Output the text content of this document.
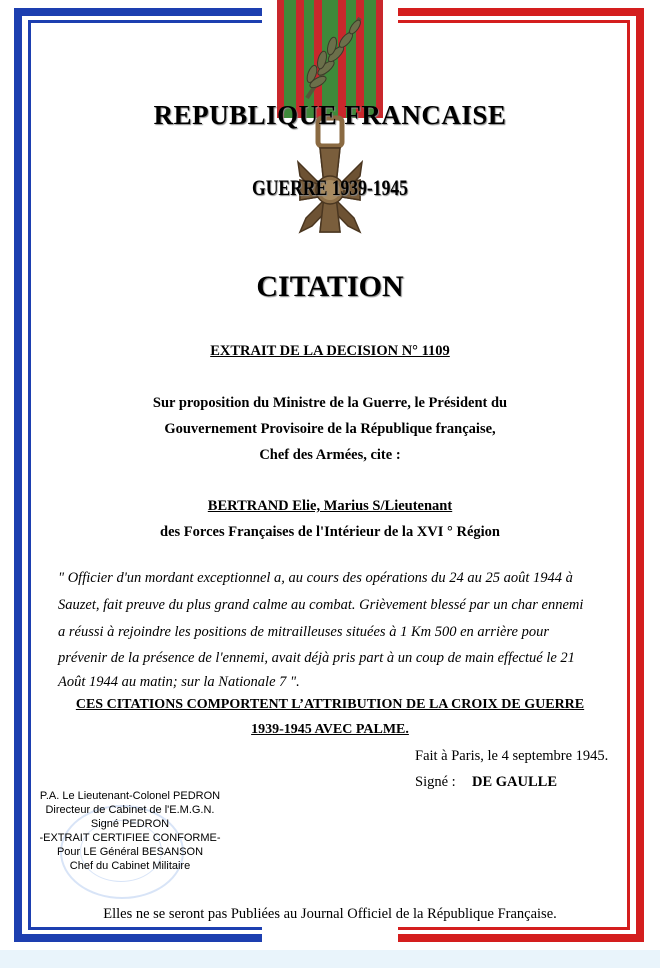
REPUBLIQUE FRANCAISE
GUERRE 1939-1945
CITATION
EXTRAIT DE LA DECISION N° 1109
Sur proposition du Ministre de la Guerre, le Président du
Gouvernement Provisoire de la République française,
Chef des Armées, cite :
BERTRAND Elie, Marius S/Lieutenant
des Forces Françaises de l'Intérieur de la XVI ° Région
" Officier d'un mordant exceptionnel a, au cours des opérations du 24 au 25 août 1944 à
Sauzet, fait preuve du plus grand calme au combat. Grièvement blessé par un char ennemi
a réussi à rejoindre les positions de mitrailleuses situées à 1 Km 500 en arrière pour
prévenir de la présence de l'ennemi, avait déjà pris part à un coup de main effectué le 21
Août 1944 au matin; sur la Nationale 7 ".
CES CITATIONS COMPORTENT L’ATTRIBUTION DE LA CROIX DE GUERRE
1939-1945 AVEC PALME.
Fait à Paris, le 4 septembre 1945.
Signé : DE GAULLE
P.A. Le Lieutenant-Colonel PEDRON
Directeur de Cabinet de l'E.M.G.N.
Signé PEDRON
-EXTRAIT CERTIFIEE CONFORME-
Pour LE Général BESANSON
Chef du Cabinet Militaire
Elles ne se seront pas Publiées au Journal Officiel de la République Française.
